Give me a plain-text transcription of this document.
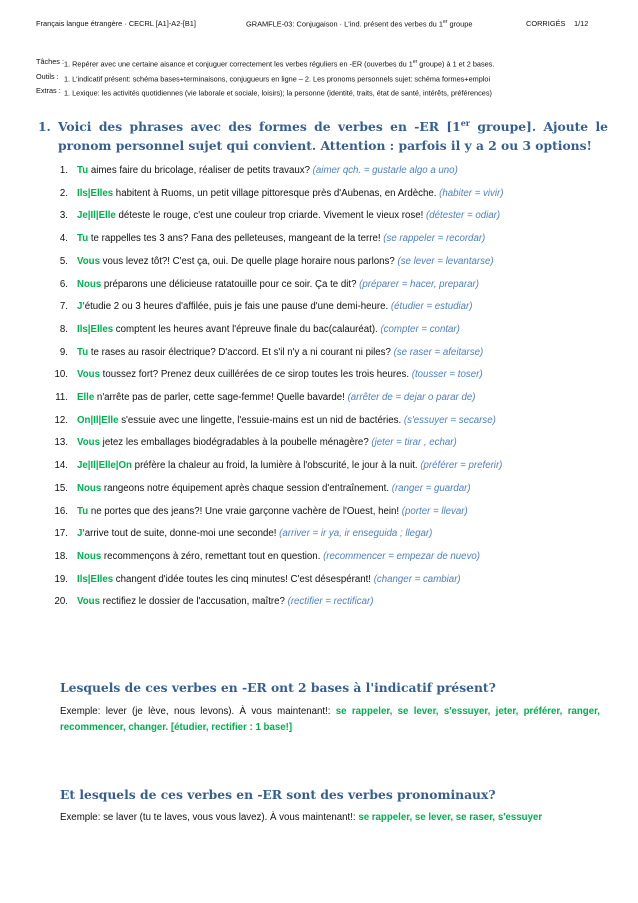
Français langue étrangère · CECRL [A1]-A2-[B1]	GRAMFLE-03: Conjugaison · L'ind. présent des verbes du 1er groupe	CORRIGÉS 1/12
Tâches : 1. Repérer avec une certaine aisance et conjuguer correctement les verbes réguliers en -ER (ouverbes du 1er groupe) à 1 et 2 bases.
Outils : 1. L'indicatif présent: schéma bases+terminaisons, conjugueurs en ligne – 2. Les pronoms personnels sujet: schéma formes+emploi
Extras : 1. Lexique: les activités quotidiennes (vie laborale et sociale, loisirs); la personne (identité, traits, état de santé, intérêts, préférences)
1. Voici des phrases avec des formes de verbes en -ER [1er groupe]. Ajoute le pronom personnel sujet qui convient. Attention : parfois il y a 2 ou 3 options!
1. Tu aimes faire du bricolage, réaliser de petits travaux? (aimer qch. = gustarle algo a uno)
2. Ils|Elles habitent à Ruoms, un petit village pittoresque près d'Aubenas, en Ardèche. (habiter = vivir)
3. Je|Il|Elle déteste le rouge, c'est une couleur trop criarde. Vivement le vieux rose! (détester = odiar)
4. Tu te rappelles tes 3 ans? Fana des pelleteuses, mangeant de la terre! (se rappeler = recordar)
5. Vous vous levez tôt?! C'est ça, oui. De quelle plage horaire nous parlons? (se lever = levantarse)
6. Nous préparons une délicieuse ratatouille pour ce soir. Ça te dit? (préparer = hacer, preparar)
7. J'étudie 2 ou 3 heures d'affilée, puis je fais une pause d'une demi-heure. (étudier = estudiar)
8. Ils|Elles comptent les heures avant l'épreuve finale du bac(calauréat). (compter = contar)
9. Tu te rases au rasoir électrique? D'accord. Et s'il n'y a ni courant ni piles? (se raser = afeitarse)
10. Vous toussez fort? Prenez deux cuillérées de ce sirop toutes les trois heures. (tousser = toser)
11. Elle n'arrête pas de parler, cette sage-femme! Quelle bavarde! (arrêter de = dejar o parar de)
12. On|Il|Elle s'essuie avec une lingette, l'essuie-mains est un nid de bactéries. (s'essuyer = secarse)
13. Vous jetez les emballages biodégradables à la poubelle ménagère? (jeter = tirar , echar)
14. Je|Il|Elle|On préfère la chaleur au froid, la lumière à l'obscurité, le jour à la nuit. (préférer = preferir)
15. Nous rangeons notre équipement après chaque session d'entraînement. (ranger = guardar)
16. Tu ne portes que des jeans?! Une vraie garçonne vachère de l'Ouest, hein! (porter = llevar)
17. J'arrive tout de suite, donne-moi une seconde! (arriver = ir ya, ir enseguida ; llegar)
18. Nous recommençons à zéro, remettant tout en question. (recommencer = empezar de nuevo)
19. Ils|Elles changent d'idée toutes les cinq minutes! C'est désespérant! (changer = cambiar)
20. Vous rectifiez le dossier de l'accusation, maître? (rectifier = rectificar)
Lesquels de ces verbes en -ER ont 2 bases à l'indicatif présent?
Exemple: lever (je lève, nous levons). À vous maintenant!: se rappeler, se lever, s'essuyer, jeter, préférer, ranger, recommencer, changer. [étudier, rectifier : 1 base!]
Et lesquels de ces verbes en -ER sont des verbes pronominaux?
Exemple: se laver (tu te laves, vous vous lavez). À vous maintenant!: se rappeler, se lever, se raser, s'essuyer
